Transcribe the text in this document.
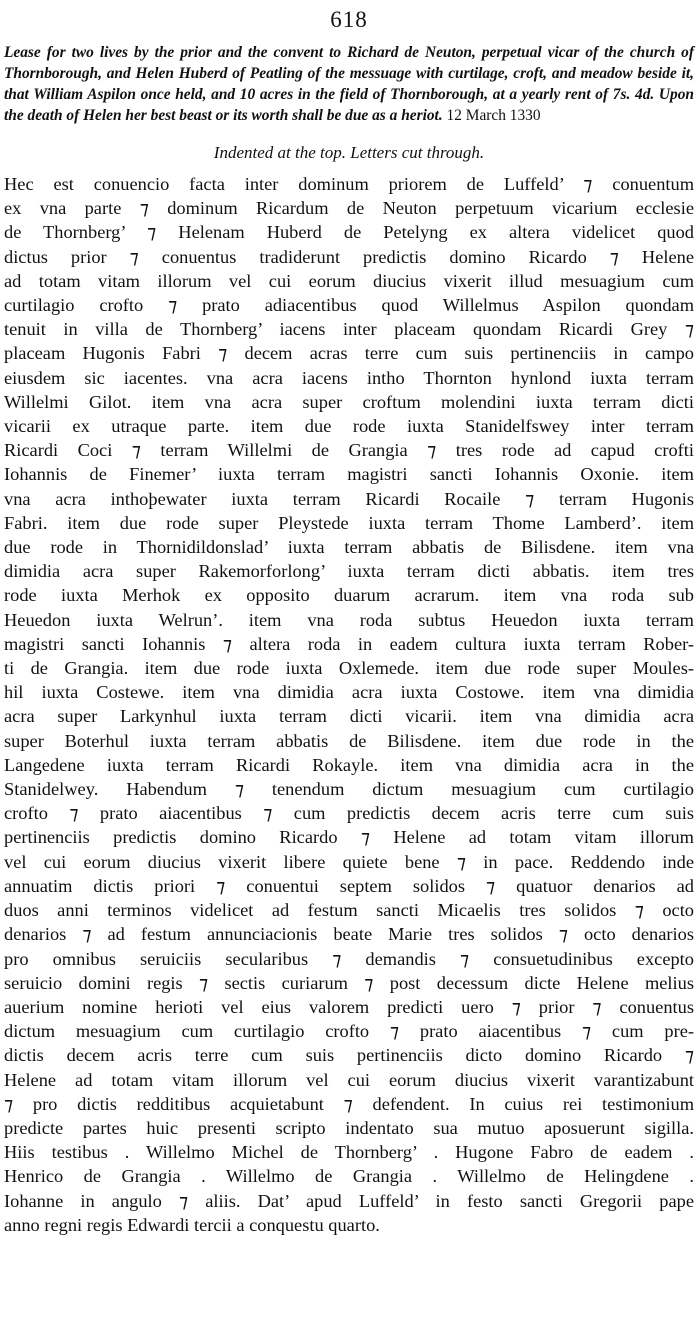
618

Lease for two lives by the prior and the convent to Richard de Neuton, perpetual vicar of the church of Thornborough, and Helen Huberd of Peatling of the messuage with curtilage, croft, and meadow beside it, that William Aspilon once held, and 10 acres in the field of Thornborough, at a yearly rent of 7s. 4d. Upon the death of Helen her best beast or its worth shall be due as a heriot. 12 March 1330

Indented at the top. Letters cut through.
Hec est conuencio facta inter dominum priorem de Luffeld’ ⁊ conuentum
ex vna parte ⁊ dominum Ricardum de Neuton perpetuum vicarium ecclesie
de Thornberg’ ⁊ Helenam Huberd de Petelyng ex altera videlicet quod
dictus prior ⁊ conuentus tradiderunt predictis domino Ricardo ⁊ Helene
ad totam vitam illorum vel cui eorum diucius vixerit illud mesuagium cum
curtilagio crofto ⁊ prato adiacentibus quod Willelmus Aspilon quondam
tenuit in villa de Thornberg’ iacens inter placeam quondam Ricardi Grey ⁊
placeam Hugonis Fabri ⁊ decem acras terre cum suis pertinenciis in campo
eiusdem sic iacentes. vna acra iacens intho Thornton hynlond iuxta terram
Willelmi Gilot. item vna acra super croftum molendini iuxta terram dicti
vicarii ex utraque parte. item due rode iuxta Stanidelfswey inter terram
Ricardi Coci ⁊ terram Willelmi de Grangia ⁊ tres rode ad capud crofti
Iohannis de Finemer’ iuxta terram magistri sancti Iohannis Oxonie. item
vna acra inthoþewater iuxta terram Ricardi Rocaile ⁊ terram Hugonis
Fabri. item due rode super Pleystede iuxta terram Thome Lamberd’. item
due rode in Thornidildonslad’ iuxta terram abbatis de Bilisdene. item vna
dimidia acra super Rakemorforlong’ iuxta terram dicti abbatis. item tres
rode iuxta Merhok ex opposito duarum acrarum. item vna roda sub
Heuedon iuxta Welrun’. item vna roda subtus Heuedon iuxta terram
magistri sancti Iohannis ⁊ altera roda in eadem cultura iuxta terram Rober-
ti de Grangia. item due rode iuxta Oxlemede. item due rode super Moules-
hil iuxta Costewe. item vna dimidia acra iuxta Costowe. item vna dimidia
acra super Larkynhul iuxta terram dicti vicarii. item vna dimidia acra
super Boterhul iuxta terram abbatis de Bilisdene. item due rode in the
Langedene iuxta terram Ricardi Rokayle. item vna dimidia acra in the
Stanidelwey. Habendum ⁊ tenendum dictum mesuagium cum curtilagio
crofto ⁊ prato aiacentibus ⁊ cum predictis decem acris terre cum suis
pertinenciis predictis domino Ricardo ⁊ Helene ad totam vitam illorum
vel cui eorum diucius vixerit libere quiete bene ⁊ in pace. Reddendo inde
annuatim dictis priori ⁊ conuentui septem solidos ⁊ quatuor denarios ad
duos anni terminos videlicet ad festum sancti Micaelis tres solidos ⁊ octo
denarios ⁊ ad festum annunciacionis beate Marie tres solidos ⁊ octo denarios
pro omnibus seruiciis secularibus ⁊ demandis ⁊ consuetudinibus excepto
seruicio domini regis ⁊ sectis curiarum ⁊ post decessum dicte Helene melius
auerium nomine herioti vel eius valorem predicti uero ⁊ prior ⁊ conuentus
dictum mesuagium cum curtilagio crofto ⁊ prato aiacentibus ⁊ cum pre-
dictis decem acris terre cum suis pertinenciis dicto domino Ricardo ⁊
Helene ad totam vitam illorum vel cui eorum diucius vixerit varantizabunt
⁊ pro dictis redditibus acquietabunt ⁊ defendent. In cuius rei testimonium
predicte partes huic presenti scripto indentato sua mutuo aposuerunt sigilla.
Hiis testibus . Willelmo Michel de Thornberg’ . Hugone Fabro de eadem .
Henrico de Grangia . Willelmo de Grangia . Willelmo de Helingdene .
Iohanne in angulo ⁊ aliis. Dat’ apud Luffeld’ in festo sancti Gregorii pape
anno regni regis Edwardi tercii a conquestu quarto.
